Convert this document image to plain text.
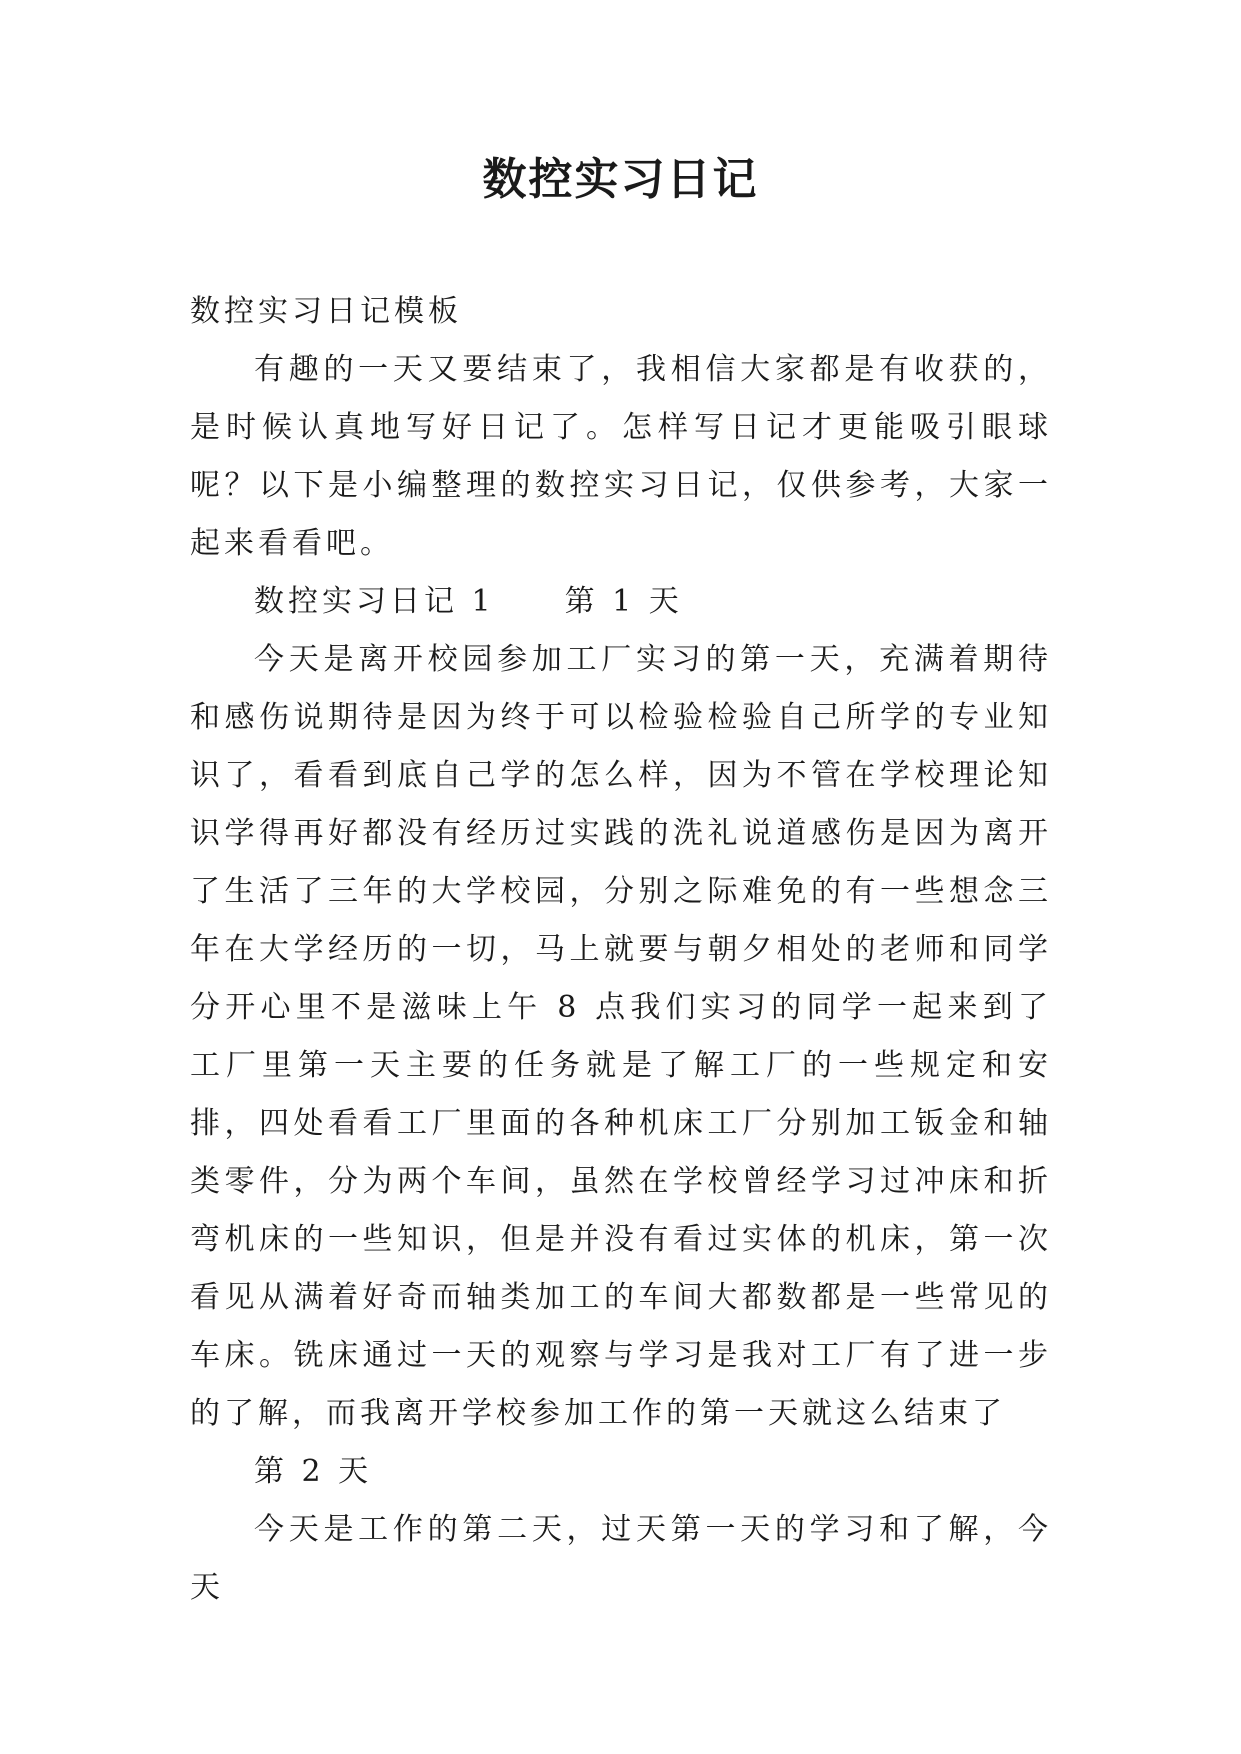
数控实习日记

数控实习日记模板

有趣的一天又要结束了，我相信大家都是有收获的，是时候认真地写好日记了。怎样写日记才更能吸引眼球呢？以下是小编整理的数控实习日记，仅供参考，大家一起来看看吧。

数控实习日记 1 第 1 天

今天是离开校园参加工厂实习的第一天，充满着期待和感伤说期待是因为终于可以检验检验自己所学的专业知识了，看看到底自己学的怎么样，因为不管在学校理论知识学得再好都没有经历过实践的洗礼说道感伤是因为离开了生活了三年的大学校园，分别之际难免的有一些想念三年在大学经历的一切，马上就要与朝夕相处的老师和同学分开心里不是滋味上午 8 点我们实习的同学一起来到了工厂里第一天主要的任务就是了解工厂的一些规定和安排，四处看看工厂里面的各种机床工厂分别加工钣金和轴类零件，分为两个车间，虽然在学校曾经学习过冲床和折弯机床的一些知识，但是并没有看过实体的机床，第一次看见从满着好奇而轴类加工的车间大都数都是一些常见的车床。铣床通过一天的观察与学习是我对工厂有了进一步的了解，而我离开学校参加工作的第一天就这么结束了

第 2 天

今天是工作的第二天，过天第一天的学习和了解，今天
